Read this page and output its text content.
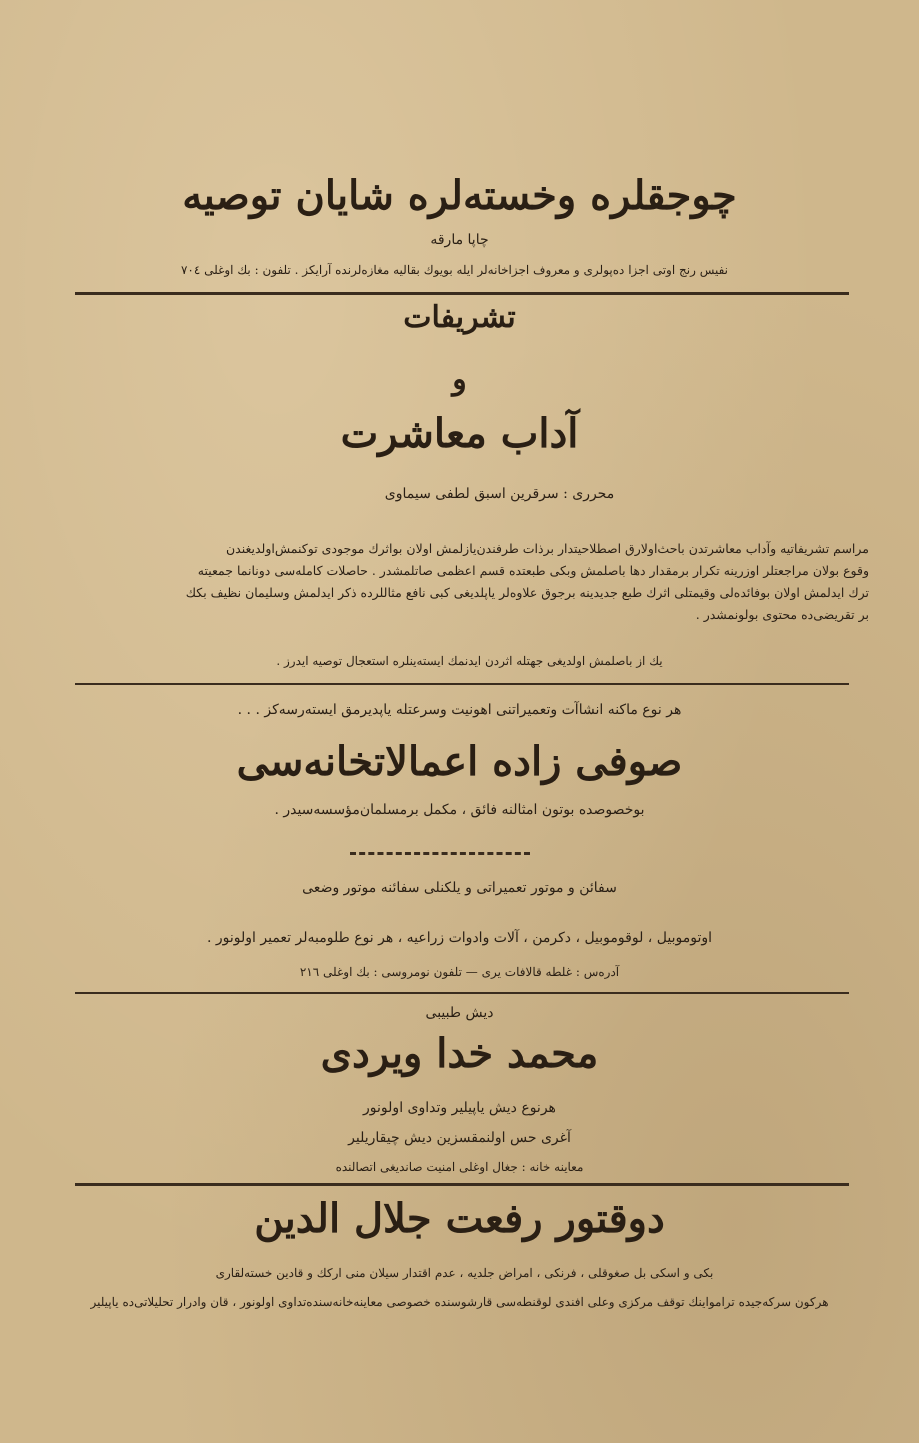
چوجقلره وخسته‌لره شایان توصیه
چاپا مارقه
نفیس رنج اوتی اجزا دەپولری و معروف اجزاخانەلر ایله بویوك بقالیه مغازەلرنده آرایکز . تلفون : بك اوغلی ۷۰٤
تشریفات
و
آداب معاشرت
محرری : سرقرین اسبق لطفی سیماوی

مراسم تشریفاتیه وآداب معاشرتدن باحث‌اولارق اصطلاحیتدار برذات طرفندن‌یازلمش اولان بواثرك موجودی توکنمش‌اولدیغندن

وقوع بولان مراجعتلر اوزرینه تکرار برمقدار دها باصلمش وبکی طبعتده قسم اعظمی صاتلمشدر . حاصلات کاملەسی دونانما جمعیته

ترك ایدلمش اولان بوفائدەلی وقیمتلی اثرك طبع جدیدینه برجوق علاوەلر یاپلدیغی کبی نافع مثاللرده ذکر ایدلمش وسلیمان نظیف بکك

بر تقریضی‌ده محتوی بولونمشدر .

یك از باصلمش اولدیغی جهتله اثردن ایدنمك ایسته‌ینلره استعجال توصیه ایدرز .
هر نوع ماکنه انشاآت وتعمیراتنی اهونیت وسرعتله یاپدیرمق ایسته‌رسه‌کز . . .
صوفی زاده اعمالاتخانه‌سی
بوخصوصده بوتون امثالنه فائق ، مکمل برمسلمان‌مؤسسه‌سیدر .
سفائن و موتور تعمیراتی و یلکنلی سفائنه موتور وضعی
اوتوموبیل ، لوقوموبیل ، دکرمن ، آلات وادوات زراعیه ، هر نوع طلومبه‌لر تعمیر اولونور .
آدره‌س : غلطه قالافات یری — تلفون نومروسی : بك اوغلی ۲۱٦
دیش طبیبی
محمد خدا ویردی
هرنوع دیش یاپیلیر وتداوی اولونور
آغری حس اولنمقسزین دیش چیقاریلیر
معاینه خانه : جغال اوغلی امنیت صاندیغی اتصالنده
دوقتور رفعت جلال الدین
بکی و اسکی بل صغوقلی ، فرنکی ، امراض جلدیه ، عدم اقتدار سیلان منی ارکك و قادین خسته‌لقاری
هرکون سرکه‌جیده ترامواینك توقف مرکزی وعلی افندی لوقنطه‌سی قارشوسنده خصوصی معاینه‌خانه‌سنده‌تداوی اولونور ، قان وادرار تحلیلاتی‌ده یاپیلیر
